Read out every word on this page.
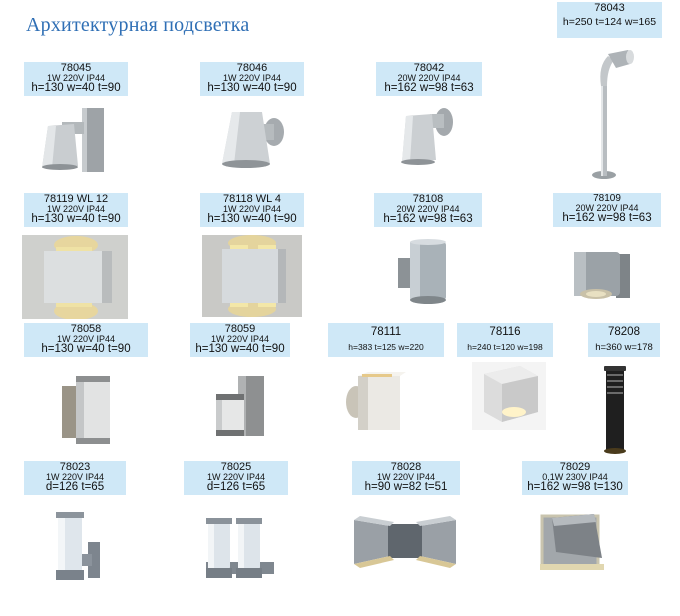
Архитектурная подсветка
78043
h=250 t=124 w=165
78045
1W 220V IP44
h=130 w=40 t=90
78046
1W 220V IP44
h=130 w=40 t=90
78042
20W 220V IP44
h=162 w=98 t=63
78119 WL 12
1W 220V IP44
h=130 w=40 t=90
78118 WL 4
1W 220V IP44
h=130 w=40 t=90
78108
20W 220V IP44
h=162 w=98 t=63
78109
20W 220V IP44
h=162 w=98 t=63
78058
1W 220V IP44
h=130 w=40 t=90
78059
1W 220V IP44
h=130 w=40 t=90
78111
h=383 t=125 w=220
78116
h=240 t=120 w=198
78208
h=360 w=178
78023
1W 220V IP44
d=126 t=65
78025
1W 220V IP44
d=126 t=65
78028
1W 220V IP44
h=90 w=82 t=51
78029
0,1W 230V IP44
h=162 w=98 t=130
